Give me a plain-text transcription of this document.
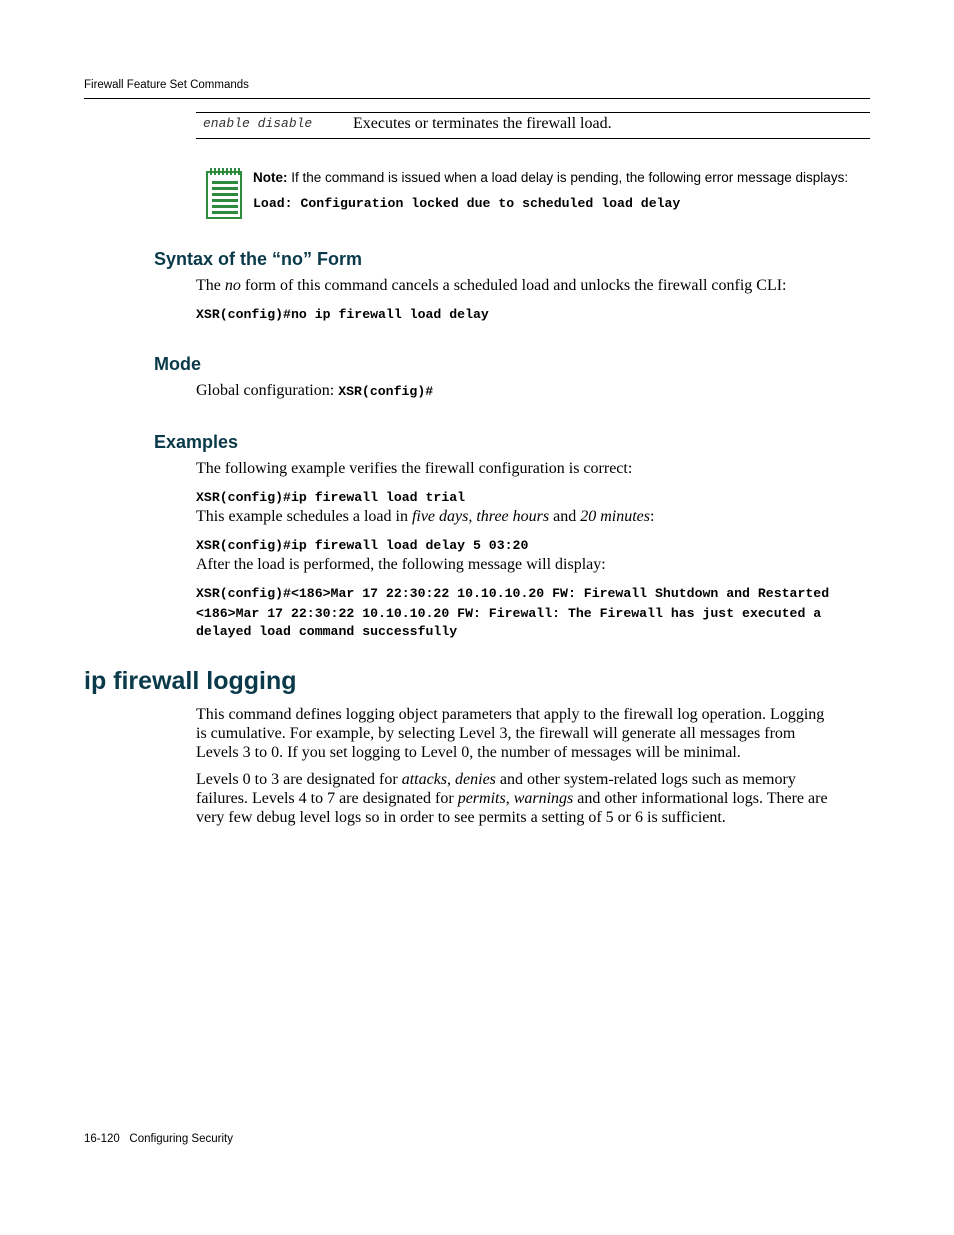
Firewall Feature Set Commands
enable disable	Executes or terminates the firewall load.
Note: If the command is issued when a load delay is pending, the following error message displays:
Load: Configuration locked due to scheduled load delay
Syntax of the “no” Form
The no form of this command cancels a scheduled load and unlocks the firewall config CLI:
XSR(config)#no ip firewall load delay
Mode
Global configuration: XSR(config)#
Examples
The following example verifies the firewall configuration is correct:
XSR(config)#ip firewall load trial
This example schedules a load in five days, three hours and 20 minutes:
XSR(config)#ip firewall load delay 5 03:20
After the load is performed, the following message will display:
XSR(config)#<186>Mar 17 22:30:22 10.10.10.20 FW: Firewall Shutdown and Restarted
<186>Mar 17 22:30:22 10.10.10.20 FW: Firewall: The Firewall has just executed a
delayed load command successfully
ip firewall logging
This command defines logging object parameters that apply to the firewall log operation. Logging
is cumulative. For example, by selecting Level 3, the firewall will generate all messages from
Levels 3 to 0. If you set logging to Level 0, the number of messages will be minimal.
Levels 0 to 3 are designated for attacks, denies and other system-related logs such as memory
failures. Levels 4 to 7 are designated for permits, warnings and other informational logs. There are
very few debug level logs so in order to see permits a setting of 5 or 6 is sufficient.
16-120 Configuring Security
